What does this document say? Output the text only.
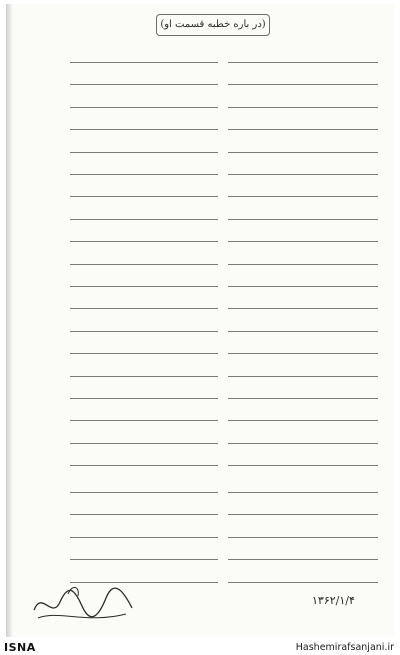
(در باره خطبه قسمت او)
۱۳۶۲/۱/۴
ISNA	Hashemirafsanjani.ir
